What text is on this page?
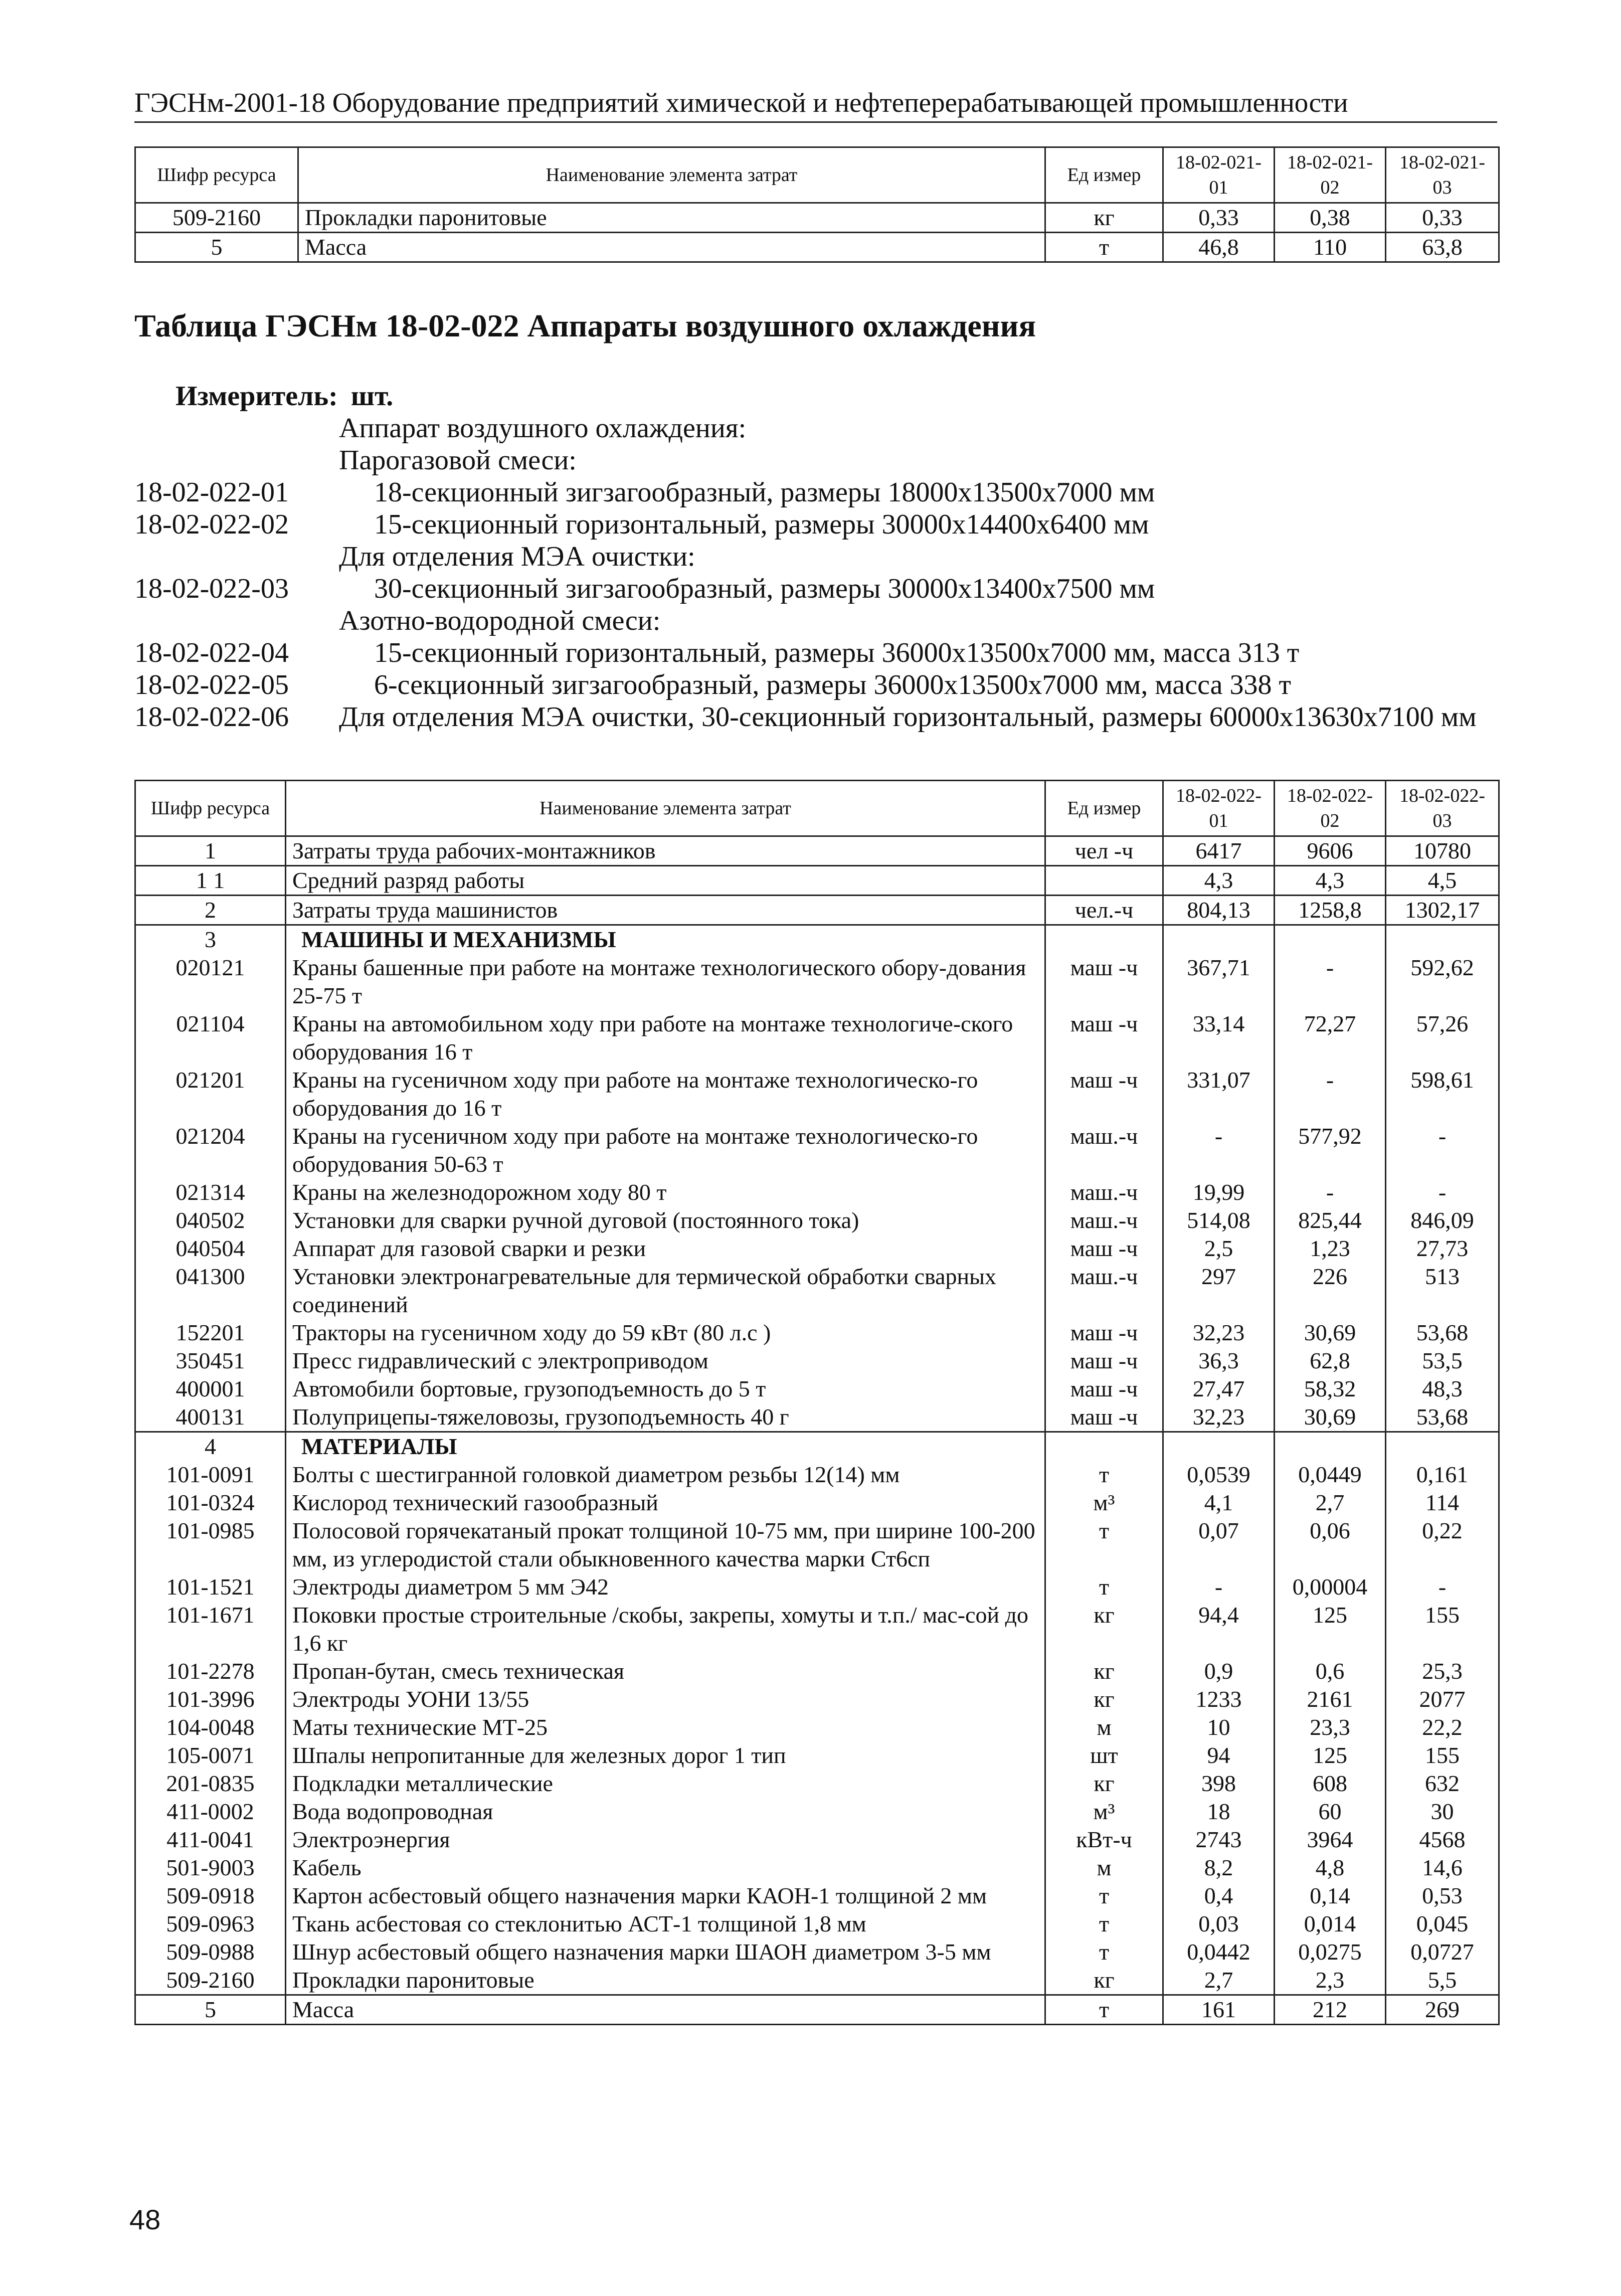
ГЭСНм-2001-18 Оборудование предприятий химической и нефтеперерабатывающей промышленности
Шифр ресурса	Наименование элемента затрат	Ед измер	18-02-021-01	18-02-021-02	18-02-021-03
509-2160	Прокладки паронитовые	кг	0,33	0,38	0,33
5	Масса	т	46,8	110	63,8
Таблица ГЭСНм 18-02-022 Аппараты воздушного охлаждения
Измеритель: шт.
Аппарат воздушного охлаждения:
Парогазовой смеси:
18-02-022-01	18-секционный зигзагообразный, размеры 18000х13500х7000 мм
18-02-022-02	15-секционный горизонтальный, размеры 30000х14400х6400 мм
Для отделения МЭА очистки:
18-02-022-03	30-секционный зигзагообразный, размеры 30000х13400х7500 мм
Азотно-водородной смеси:
18-02-022-04	15-секционный горизонтальный, размеры 36000х13500х7000 мм, масса 313 т
18-02-022-05	6-секционный зигзагообразный, размеры 36000х13500х7000 мм, масса 338 т
18-02-022-06	Для отделения МЭА очистки, 30-секционный горизонтальный, размеры 60000х13630х7100 мм
Шифр ресурса	Наименование элемента затрат	Ед измер	18-02-022-01	18-02-022-02	18-02-022-03
1	Затраты труда рабочих-монтажников	чел -ч	6417	9606	10780
1 1	Средний разряд работы		4,3	4,3	4,5
2	Затраты труда машинистов	чел.-ч	804,13	1258,8	1302,17
3	МАШИНЫ И МЕХАНИЗМЫ				
020121	Краны башенные при работе на монтаже технологического обору-дования 25-75 т	маш -ч	367,71	-	592,62
021104	Краны на автомобильном ходу при работе на монтаже технологиче-ского оборудования 16 т	маш -ч	33,14	72,27	57,26
021201	Краны на гусеничном ходу при работе на монтаже технологическо-го оборудования до 16 т	маш -ч	331,07	-	598,61
021204	Краны на гусеничном ходу при работе на монтаже технологическо-го оборудования 50-63 т	маш.-ч	-	577,92	-
021314	Краны на железнодорожном ходу 80 т	маш.-ч	19,99	-	-
040502	Установки для сварки ручной дуговой (постоянного тока)	маш.-ч	514,08	825,44	846,09
040504	Аппарат для газовой сварки и резки	маш -ч	2,5	1,23	27,73
041300	Установки электронагревательные для термической обработки сварных соединений	маш.-ч	297	226	513
152201	Тракторы на гусеничном ходу до 59 кВт (80 л.с )	маш -ч	32,23	30,69	53,68
350451	Пресс гидравлический с электроприводом	маш -ч	36,3	62,8	53,5
400001	Автомобили бортовые, грузоподъемность до 5 т	маш -ч	27,47	58,32	48,3
400131	Полуприцепы-тяжеловозы, грузоподъемность 40 г	маш -ч	32,23	30,69	53,68
4	МАТЕРИАЛЫ				
101-0091	Болты с шестигранной головкой диаметром резьбы 12(14) мм	т	0,0539	0,0449	0,161
101-0324	Кислород технический газообразный	м³	4,1	2,7	114
101-0985	Полосовой горячекатаный прокат толщиной 10-75 мм, при ширине 100-200 мм, из углеродистой стали обыкновенного качества марки Ст6сп	т	0,07	0,06	0,22
101-1521	Электроды диаметром 5 мм Э42	т	-	0,00004	-
101-1671	Поковки простые строительные /скобы, закрепы, хомуты и т.п./ мас-сой до 1,6 кг	кг	94,4	125	155
101-2278	Пропан-бутан, смесь техническая	кг	0,9	0,6	25,3
101-3996	Электроды УОНИ 13/55	кг	1233	2161	2077
104-0048	Маты технические МТ-25	м	10	23,3	22,2
105-0071	Шпалы непропитанные для железных дорог 1 тип	шт	94	125	155
201-0835	Подкладки металлические	кг	398	608	632
411-0002	Вода водопроводная	м³	18	60	30
411-0041	Электроэнергия	кВт-ч	2743	3964	4568
501-9003	Кабель	м	8,2	4,8	14,6
509-0918	Картон асбестовый общего назначения марки КАОН-1 толщиной 2 мм	т	0,4	0,14	0,53
509-0963	Ткань асбестовая со стеклонитью АСТ-1 толщиной 1,8 мм	т	0,03	0,014	0,045
509-0988	Шнур асбестовый общего назначения марки ШАОН диаметром 3-5 мм	т	0,0442	0,0275	0,0727
509-2160	Прокладки паронитовые	кг	2,7	2,3	5,5
5	Масса	т	161	212	269
48
